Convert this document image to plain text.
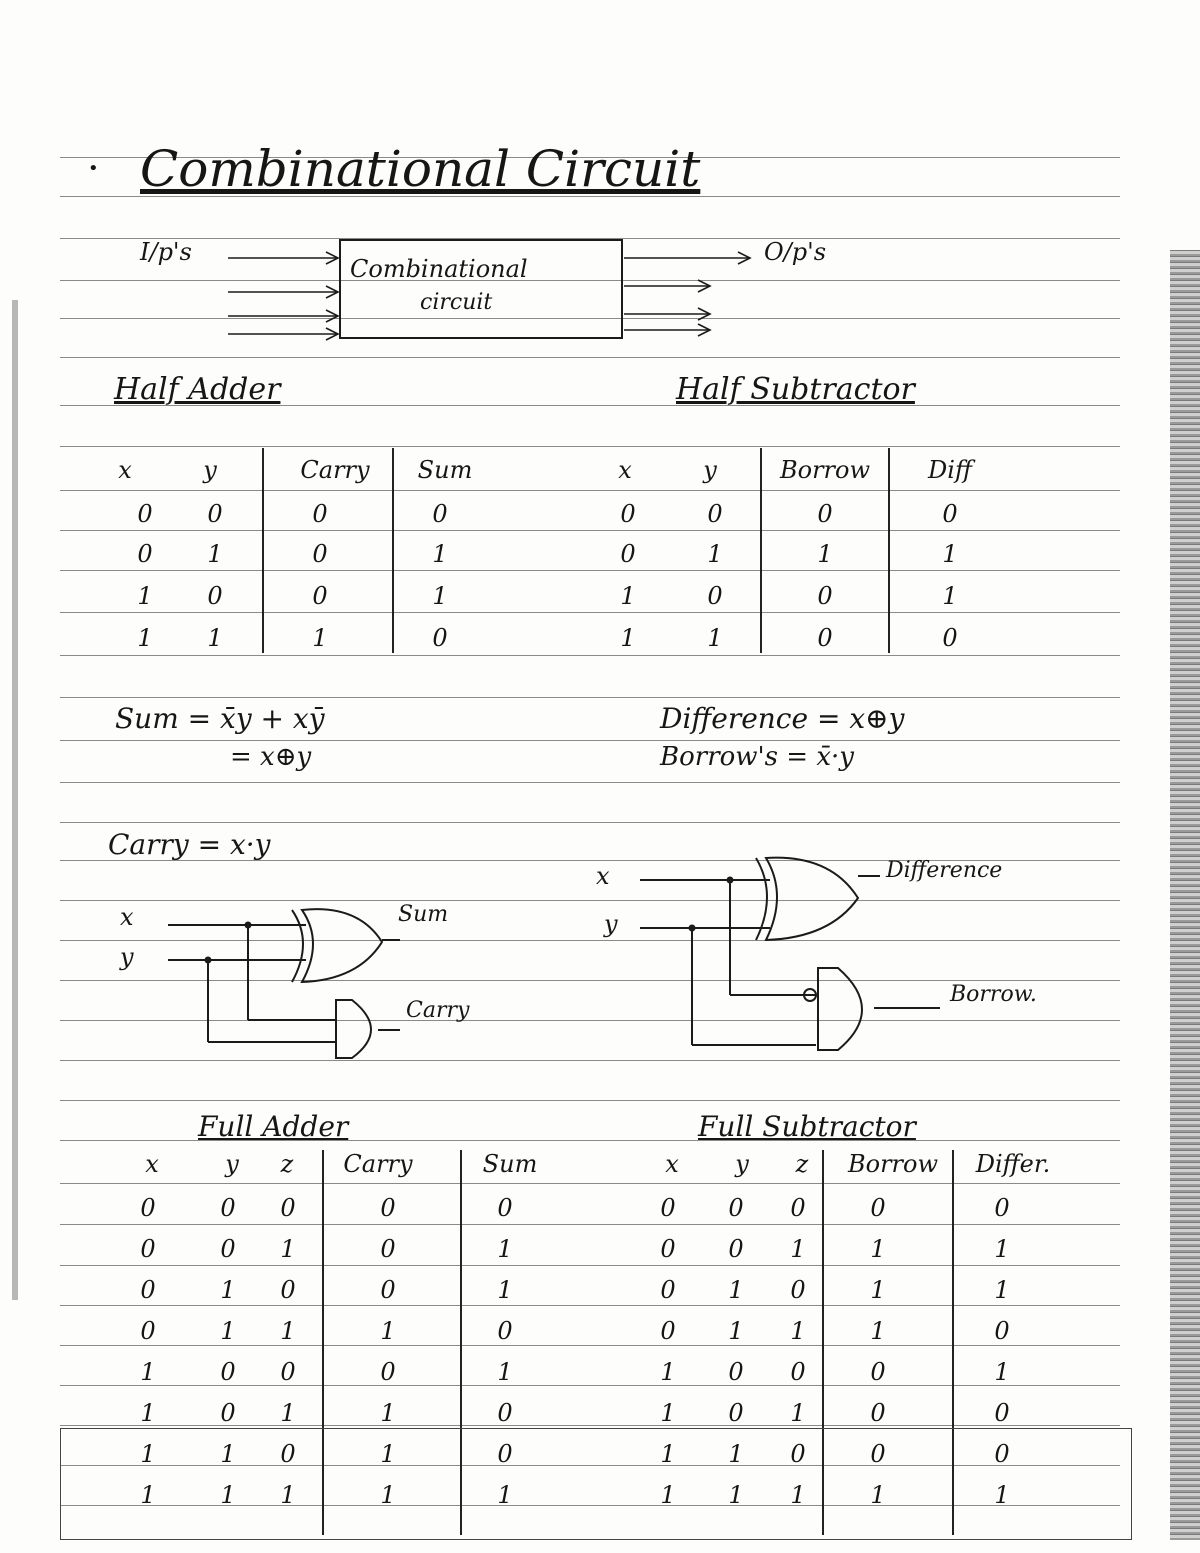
• Combinational Circuit
I/p's
Combinational
circuit
O/p's
Half Adder	Half Subtractor
x	y	Carry	Sum
0	0	0	0
0	1	0	1
1	0	0	1
1	1	1	0
x	y	Borrow	Diff
0	0	0	0
0	1	1	1
1	0	0	1
1	1	0	0
Sum = x̄y + xȳ
= x⊕y
Difference = x⊕y
Borrow's = x̄·y
Carry = x·y
x
y
Sum
Carry
x
y
Difference
Borrow.
Full Adder	Full Subtractor
x	y	z	Carry	Sum
0	0	0	0	0
0	0	1	0	1
0	1	0	0	1
0	1	1	1	0
1	0	0	0	1
1	0	1	1	0
1	1	0	1	0
1	1	1	1	1
x	y	z	Borrow	Differ.
0	0	0	0	0
0	0	1	1	1
0	1	0	1	1
0	1	1	1	0
1	0	0	0	1
1	0	1	0	0
1	1	0	0	0
1	1	1	1	1
